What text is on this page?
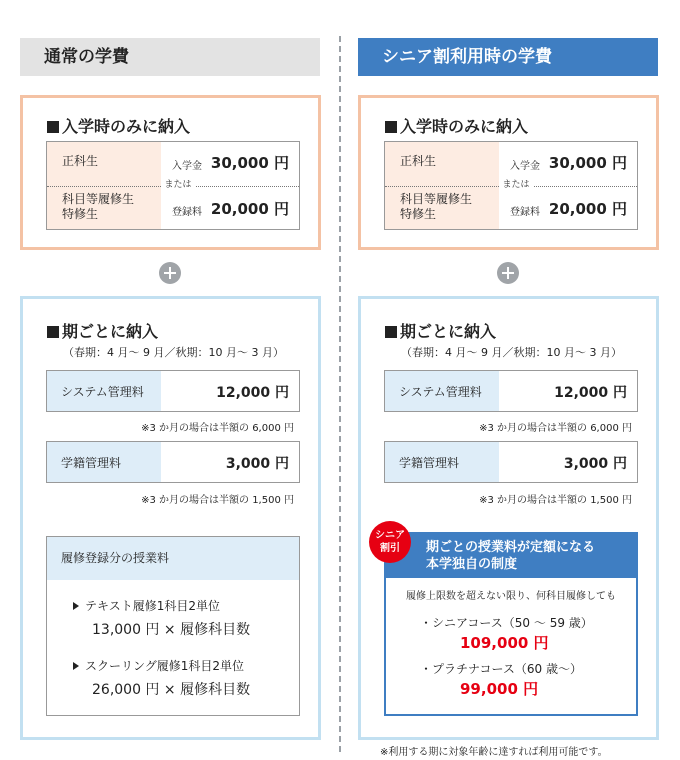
通常の学費	シニア割利用時の学費
入学時のみに納入
または
正科生	入学金 30,000 円
科目等履修生
特修生	登録料 20,000 円
期ごとに納入
（春期：4 月～ 9 月／秋期：10 月～ 3 月）
システム管理料	12,000 円
※3 か月の場合は半額の 6,000 円
学籍管理料	3,000 円
※3 か月の場合は半額の 1,500 円
履修登録分の授業料
テキスト履修1科目2単位
13,000 円 × 履修科目数
スクーリング履修1科目2単位
26,000 円 × 履修科目数
入学時のみに納入
または
正科生	入学金 30,000 円
科目等履修生
特修生	登録料 20,000 円
期ごとに納入
（春期：4 月～ 9 月／秋期：10 月～ 3 月）
システム管理料	12,000 円
※3 か月の場合は半額の 6,000 円
学籍管理料	3,000 円
※3 か月の場合は半額の 1,500 円
期ごとの授業料が定額になる
本学独自の制度
履修上限数を超えない限り、何科目履修しても
・シニアコース（50 ～ 59 歳）
109,000 円
・プラチナコース（60 歳～）
99,000 円
シニア
割引
※利用する期に対象年齢に達すれば利用可能です。
